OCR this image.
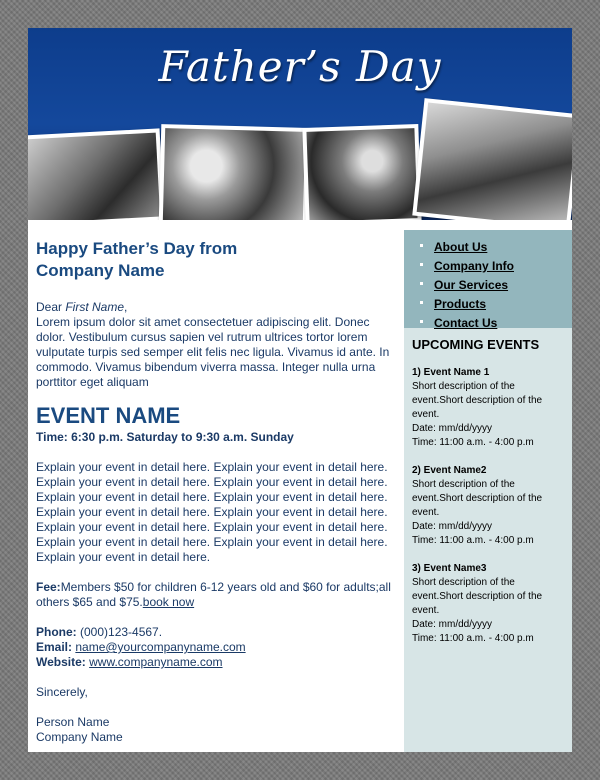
Father’s Day
Happy Father’s Day from
Company Name

Dear First Name,

Lorem ipsum dolor sit amet consectetuer adipiscing elit. Donec dolor. Vestibulum cursus sapien vel rutrum ultrices tortor lorem vulputate turpis sed semper elit felis nec ligula. Vivamus id ante. In commodo. Vivamus bibendum viverra massa. Integer nulla urna porttitor eget aliquam

EVENT NAME

Time: 6:30 p.m. Saturday to 9:30 a.m. Sunday

Explain your event in detail here. Explain your event in detail here. Explain your event in detail here. Explain your event in detail here. Explain your event in detail here. Explain your event in detail here. Explain your event in detail here. Explain your event in detail here. Explain your event in detail here. Explain your event in detail here. Explain your event in detail here. Explain your event in detail here. Explain your event in detail here.

Fee:Members $50 for children 6-12 years old and $60 for adults;all others $65 and $75.book now

Phone: (000)123-4567.
Email: name@yourcompanyname.com
Website: www.companyname.com

Sincerely,

Person Name
Company Name

About Us
Company Info
Our Services
Products
Contact Us
UPCOMING EVENTS
1) Event Name 1
Short description of the event.Short description of the event.
Date: mm/dd/yyyy
Time: 11:00 a.m. - 4:00 p.m
2) Event Name2
Short description of the event.Short description of the event.
Date: mm/dd/yyyy
Time: 11:00 a.m. - 4:00 p.m
3) Event Name3
Short description of the event.Short description of the event.
Date: mm/dd/yyyy
Time: 11:00 a.m. - 4:00 p.m
